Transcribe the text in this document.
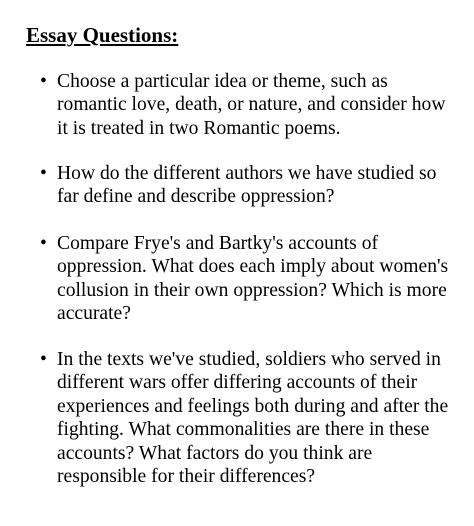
Essay Questions:
• Choose a particular idea or theme, such as
romantic love, death, or nature, and consider how
it is treated in two Romantic poems.
• How do the different authors we have studied so
far define and describe oppression?
• Compare Frye's and Bartky's accounts of
oppression. What does each imply about women's
collusion in their own oppression? Which is more
accurate?
• In the texts we've studied, soldiers who served in
different wars offer differing accounts of their
experiences and feelings both during and after the
fighting. What commonalities are there in these
accounts? What factors do you think are
responsible for their differences?
